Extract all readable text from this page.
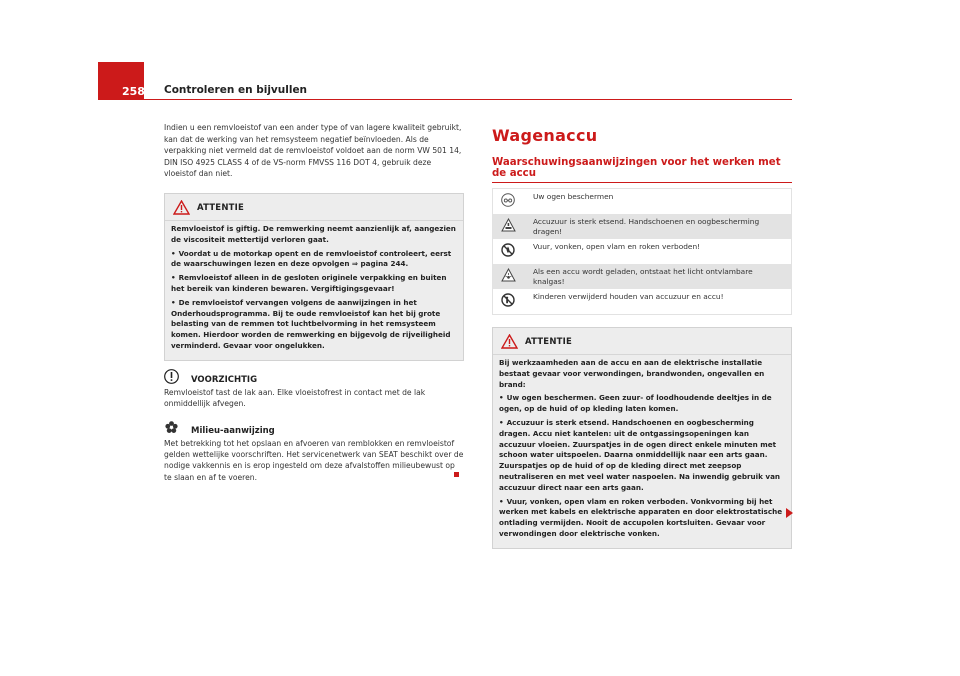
258 Controleren en bijvullen

Indien u een remvloeistof van een ander type of van lagere kwaliteit gebruikt, kan dat de werking van het remsysteem negatief beïnvloeden. Als de verpakking niet vermeld dat de remvloeistof voldoet aan de norm VW 501 14, DIN ISO 4925 CLASS 4 of de VS-norm FMVSS 116 DOT 4, gebruik deze vloeistof dan niet.

ATTENTIE

Remvloeistof is giftig. De remwerking neemt aanzienlijk af, aangezien de viscositeit mettertijd verloren gaat.

• Voordat u de motorkap opent en de remvloeistof controleert, eerst de waarschuwingen lezen en deze opvolgen ⇒ pagina 244.

• Remvloeistof alleen in de gesloten originele verpakking en buiten het bereik van kinderen bewaren. Vergiftigingsgevaar!

• De remvloeistof vervangen volgens de aanwijzingen in het Onderhoudsprogramma. Bij te oude remvloeistof kan het bij grote belasting van de remmen tot luchtbelvorming in het remsysteem komen. Hierdoor worden de remwerking en bijgevolg de rijveiligheid verminderd. Gevaar voor ongelukken.

VOORZICHTIG

Remvloeistof tast de lak aan. Elke vloeistofrest in contact met de lak onmiddellijk afvegen.

Milieu-aanwijzing

Met betrekking tot het opslaan en afvoeren van remblokken en remvloeistof gelden wettelijke voorschriften. Het servicenetwerk van SEAT beschikt over de nodige vakkennis en is erop ingesteld om deze afvalstoffen milieubewust op te slaan en af te voeren.

Wagenaccu
Waarschuwingsaanwijzingen voor het werken met de accu
Uw ogen beschermen
Accuzuur is sterk etsend. Handschoenen en oogbescherming dragen!
Vuur, vonken, open vlam en roken verboden!
Als een accu wordt geladen, ontstaat het licht ontvlambare knalgas!
Kinderen verwijderd houden van accuzuur en accu!
ATTENTIE

Bij werkzaamheden aan de accu en aan de elektrische installatie bestaat gevaar voor verwondingen, brandwonden, ongevallen en brand:

• Uw ogen beschermen. Geen zuur- of loodhoudende deeltjes in de ogen, op de huid of op kleding laten komen.

• Accuzuur is sterk etsend. Handschoenen en oogbescherming dragen. Accu niet kantelen: uit de ontgassingsopeningen kan accuzuur vloeien. Zuurspatjes in de ogen direct enkele minuten met schoon water uitspoelen. Daarna onmiddellijk naar een arts gaan. Zuurspatjes op de huid of op de kleding direct met zeepsop neutraliseren en met veel water naspoelen. Na inwendig gebruik van accuzuur direct naar een arts gaan.

• Vuur, vonken, open vlam en roken verboden. Vonkvorming bij het werken met kabels en elektrische apparaten en door elektrostatische ontlading vermijden. Nooit de accupolen kortsluiten. Gevaar voor verwondingen door elektrische vonken.
